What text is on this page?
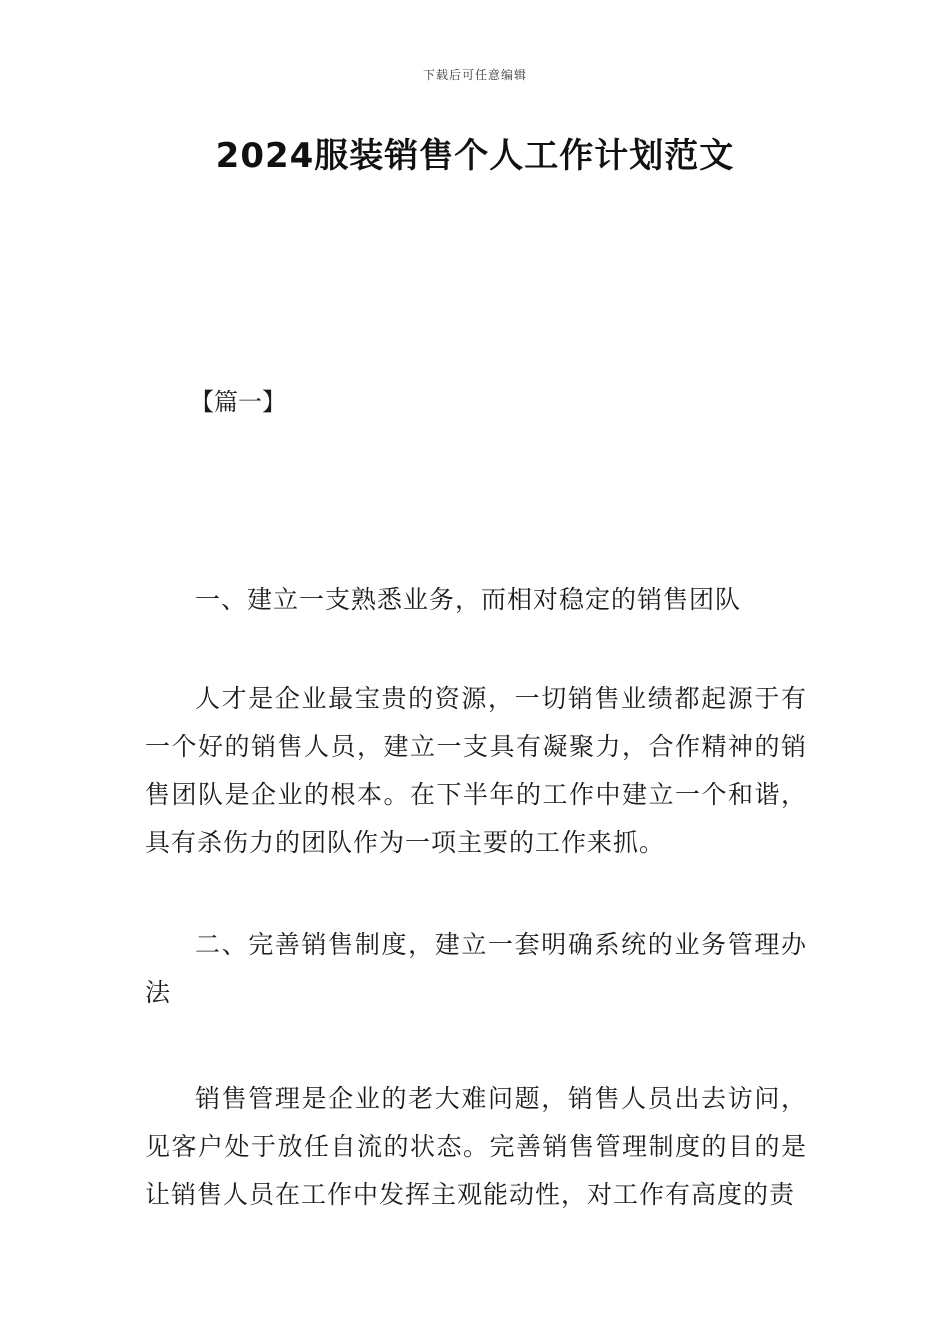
下载后可任意编辑
2024服装销售个人工作计划范文
【篇一】

一、建立一支熟悉业务，而相对稳定的销售团队

人才是企业最宝贵的资源，一切销售业绩都起源于有一个好的销售人员，建立一支具有凝聚力，合作精神的销售团队是企业的根本。在下半年的工作中建立一个和谐，具有杀伤力的团队作为一项主要的工作来抓。

二、完善销售制度，建立一套明确系统的业务管理办法

销售管理是企业的老大难问题，销售人员出去访问，见客户处于放任自流的状态。完善销售管理制度的目的是让销售人员在工作中发挥主观能动性，对工作有高度的责
